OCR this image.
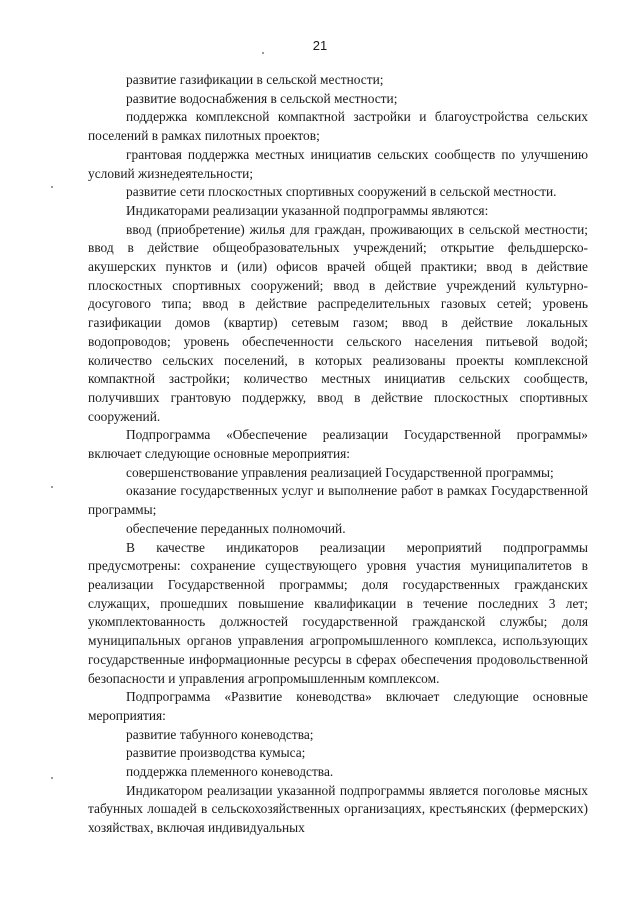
21

развитие газификации в сельской местности;

развитие водоснабжения в сельской местности;

поддержка комплексной компактной застройки и благоустройства сельских поселений в рамках пилотных проектов;

грантовая поддержка местных инициатив сельских сообществ по улучшению условий жизнедеятельности;

развитие сети плоскостных спортивных сооружений в сельской местности.

Индикаторами реализации указанной подпрограммы являются:

ввод (приобретение) жилья для граждан, проживающих в сельской местности; ввод в действие общеобразовательных учреждений; открытие фельдшерско-акушерских пунктов и (или) офисов врачей общей практики; ввод в действие плоскостных спортивных сооружений; ввод в действие учреждений культурно-досугового типа; ввод в действие распределительных газовых сетей; уровень газификации домов (квартир) сетевым газом; ввод в действие локальных водопроводов; уровень обеспеченности сельского населения питьевой водой; количество сельских поселений, в которых реализованы проекты комплексной компактной застройки; количество местных инициатив сельских сообществ, получивших грантовую поддержку, ввод в действие плоскостных спортивных сооружений.

Подпрограмма «Обеспечение реализации Государственной программы» включает следующие основные мероприятия:

совершенствование управления реализацией Государственной программы;

оказание государственных услуг и выполнение работ в рамках Государственной программы;

обеспечение переданных полномочий.

В качестве индикаторов реализации мероприятий подпрограммы предусмотрены: сохранение существующего уровня участия муниципалитетов в реализации Государственной программы; доля государственных гражданских служащих, прошедших повышение квалификации в течение последних 3 лет; укомплектованность должностей государственной гражданской службы; доля муниципальных органов управления агропромышленного комплекса, использующих государственные информационные ресурсы в сферах обеспечения продовольственной безопасности и управления агропромышленным комплексом.

Подпрограмма «Развитие коневодства» включает следующие основные мероприятия:

развитие табунного коневодства;

развитие производства кумыса;

поддержка племенного коневодства.

Индикатором реализации указанной подпрограммы является поголовье мясных табунных лошадей в сельскохозяйственных организациях, крестьянских (фермерских) хозяйствах, включая индивидуальных
